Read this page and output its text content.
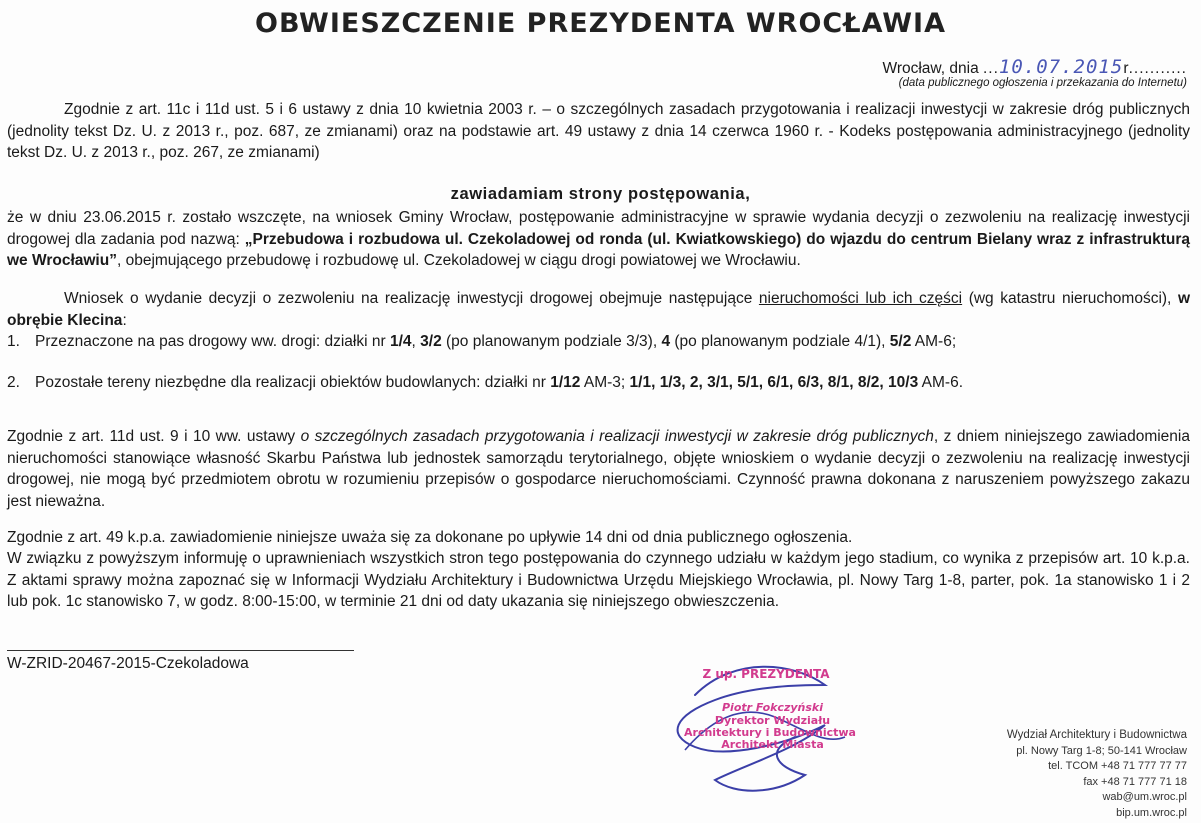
OBWIESZCZENIE PREZYDENTA WROCŁAWIA
Wrocław, dnia ...10.07.2015r...........
(data publicznego ogłoszenia i przekazania do Internetu)
Zgodnie z art. 11c i 11d ust. 5 i 6 ustawy z dnia 10 kwietnia 2003 r. – o szczególnych zasadach przygotowania i realizacji inwestycji w zakresie dróg publicznych (jednolity tekst Dz. U. z 2013 r., poz. 687, ze zmianami) oraz na podstawie art. 49 ustawy z dnia 14 czerwca 1960 r. - Kodeks postępowania administracyjnego (jednolity tekst Dz. U. z 2013 r., poz. 267, ze zmianami)
zawiadamiam strony postępowania,
że w dniu 23.06.2015 r. zostało wszczęte, na wniosek Gminy Wrocław, postępowanie administracyjne w sprawie wydania decyzji o zezwoleniu na realizację inwestycji drogowej dla zadania pod nazwą: „Przebudowa i rozbudowa ul. Czekoladowej od ronda (ul. Kwiatkowskiego) do wjazdu do centrum Bielany wraz z infrastrukturą we Wrocławiu”, obejmującego przebudowę i rozbudowę ul. Czekoladowej w ciągu drogi powiatowej we Wrocławiu.
Wniosek o wydanie decyzji o zezwoleniu na realizację inwestycji drogowej obejmuje następujące nieruchomości lub ich części (wg katastru nieruchomości), w obrębie Klecina:
1. Przeznaczone na pas drogowy ww. drogi: działki nr 1/4, 3/2 (po planowanym podziale 3/3), 4 (po planowanym podziale 4/1), 5/2 AM-6;
2. Pozostałe tereny niezbędne dla realizacji obiektów budowlanych: działki nr 1/12 AM-3; 1/1, 1/3, 2, 3/1, 5/1, 6/1, 6/3, 8/1, 8/2, 10/3 AM-6.
Zgodnie z art. 11d ust. 9 i 10 ww. ustawy o szczególnych zasadach przygotowania i realizacji inwestycji w zakresie dróg publicznych, z dniem niniejszego zawiadomienia nieruchomości stanowiące własność Skarbu Państwa lub jednostek samorządu terytorialnego, objęte wnioskiem o wydanie decyzji o zezwoleniu na realizację inwestycji drogowej, nie mogą być przedmiotem obrotu w rozumieniu przepisów o gospodarce nieruchomościami. Czynność prawna dokonana z naruszeniem powyższego zakazu jest nieważna.
Zgodnie z art. 49 k.p.a. zawiadomienie niniejsze uważa się za dokonane po upływie 14 dni od dnia publicznego ogłoszenia.
W związku z powyższym informuję o uprawnieniach wszystkich stron tego postępowania do czynnego udziału w każdym jego stadium, co wynika z przepisów art. 10 k.p.a. Z aktami sprawy można zapoznać się w Informacji Wydziału Architektury i Budownictwa Urzędu Miejskiego Wrocławia, pl. Nowy Targ 1-8, parter, pok. 1a stanowisko 1 i 2 lub pok. 1c stanowisko 7, w godz. 8:00-15:00, w terminie 21 dni od daty ukazania się niniejszego obwieszczenia.
W-ZRID-20467-2015-Czekoladowa
Z up. PREZYDENTA
Piotr Fokczyński
Dyrektor Wydziału
Architektury i Budownictwa
Architekt Miasta
Wydział Architektury i Budownictwa
pl. Nowy Targ 1-8; 50-141 Wrocław
tel. TCOM +48 71 777 77 77
fax +48 71 777 71 18
wab@um.wroc.pl
bip.um.wroc.pl
